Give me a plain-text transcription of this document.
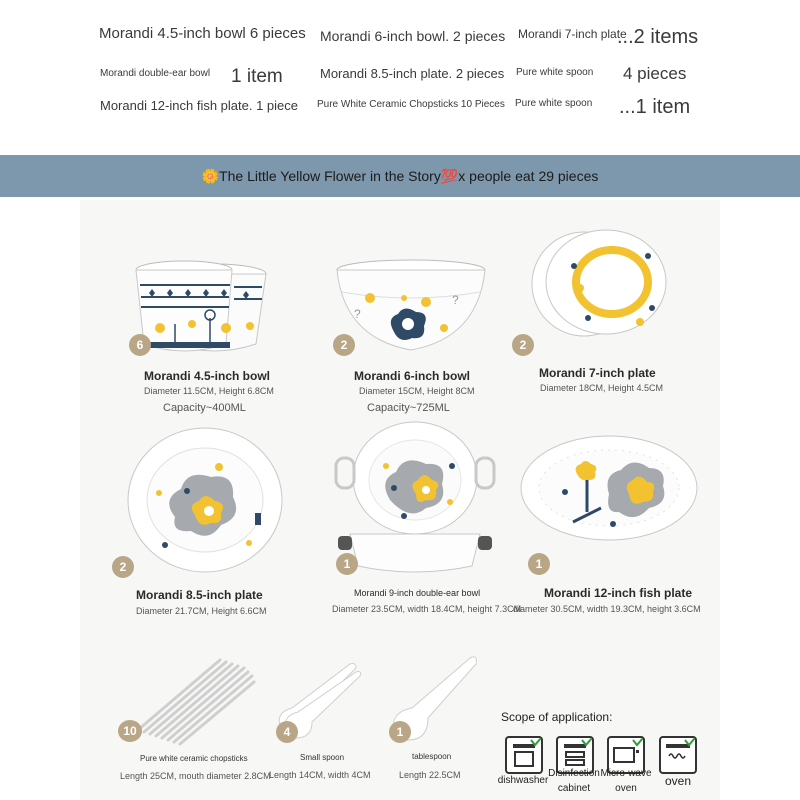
Morandi 4.5-inch bowl 6 pieces
Morandi double-ear bowl 1 item
Morandi 12-inch fish plate. 1 piece
Morandi 6-inch bowl. 2 pieces
Morandi 8.5-inch plate. 2 pieces
Pure White Ceramic Chopsticks 10 Pieces
Morandi 7-inch plate
...2 items
Pure white spoon 4 pieces
Pure white spoon ...1 item
🌼The Little Yellow Flower in the Story💯x people eat 29 pieces
6
Morandi 4.5-inch bowl
Diameter 11.5CM, Height 6.8CM
Capacity~400ML
?
?
2
Morandi 6-inch bowl
Diameter 15CM, Height 8CM
Capacity~725ML
2
Morandi 7-inch plate
Diameter 18CM, Height 4.5CM
2
Morandi 8.5-inch plate
Diameter 21.7CM, Height 6.6CM
1
Morandi 9-inch double-ear bowl
Diameter 23.5CM, width 18.4CM, height 7.3CM
1
Morandi 12-inch fish plate
diameter 30.5CM, width 19.3CM, height 3.6CM
10
Pure white ceramic chopsticks
Length 25CM, mouth diameter 2.8CM
4
Small spoon
Length 14CM, width 4CM
1
tablespoon
Length 22.5CM
Scope of application:
dishwasher
Disinfection cabinet
Micro-wave oven
oven
